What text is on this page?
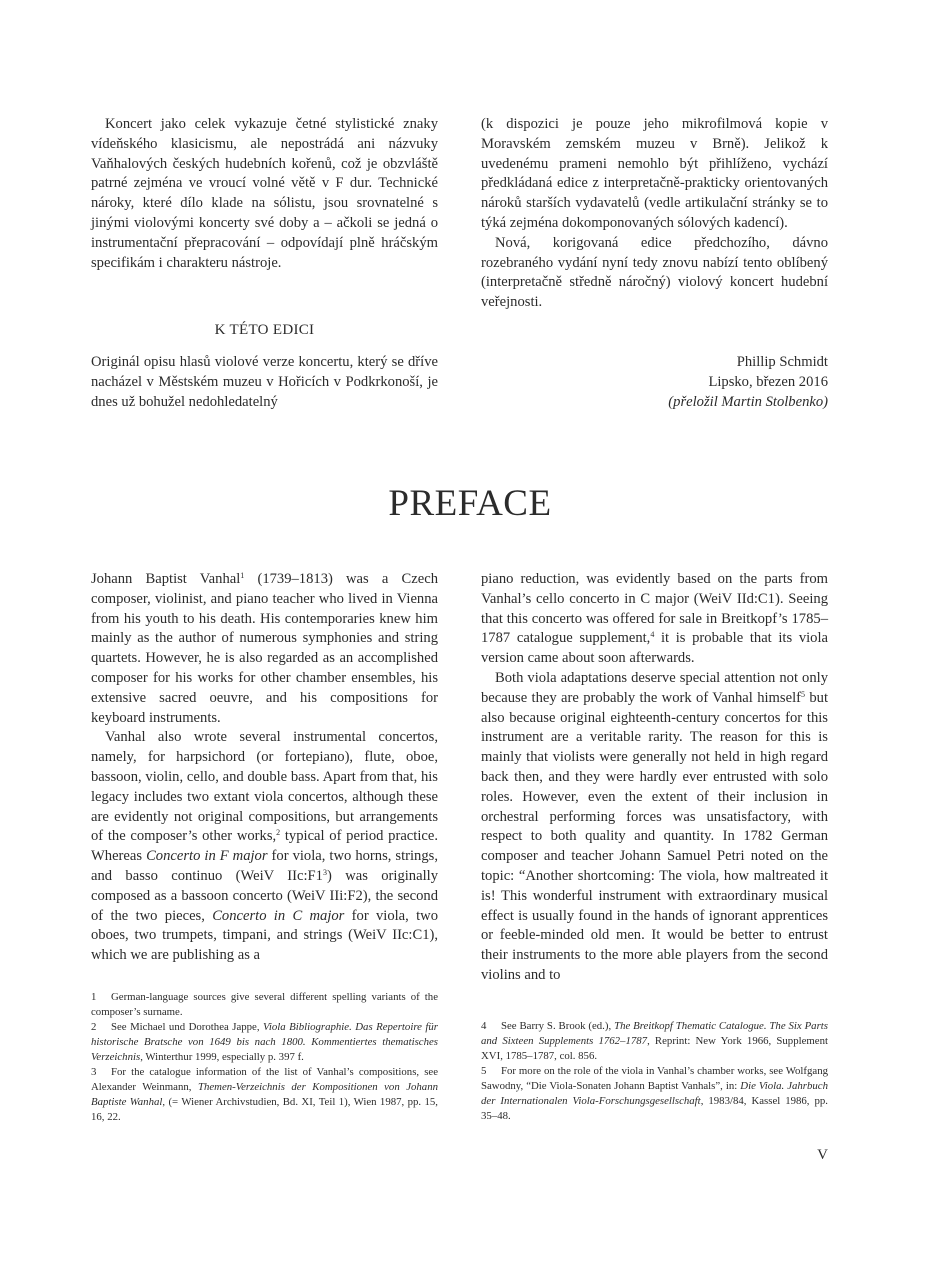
Koncert jako celek vykazuje četné stylistické znaky vídeňského klasicismu, ale nepostrádá ani názvuky Vaňhalových českých hudebních kořenů, což je obzvláště patrné zejména ve vroucí volné větě v F dur. Technické nároky, které dílo klade na sólistu, jsou srovnatelné s jinými violovými koncerty své doby a – ačkoli se jedná o instrumentační přepracování – odpovídají plně hráčským specifikám i charakteru nástroje.

K TÉTO EDICI

Originál opisu hlasů violové verze koncertu, který se dříve nacházel v Městském muzeu v Hořicích v Podkrkonoší, je dnes už bohužel nedohledatelný

(k dispozici je pouze jeho mikrofilmová kopie v Moravském zemském muzeu v Brně). Jelikož k uvedenému prameni nemohlo být přihlíženo, vychází předkládaná edice z interpretačně-prakticky orientovaných nároků starších vydavatelů (vedle artikulační stránky se to týká zejména dokomponovaných sólových kadencí).

Nová, korigovaná edice předchozího, dávno rozebraného vydání nyní tedy znovu nabízí tento oblíbený (interpretačně středně náročný) violový koncert hudební veřejnosti.

Phillip Schmidt
Lipsko, březen 2016
(přeložil Martin Stolbenko)
PREFACE

Johann Baptist Vanhal$^1$ (1739–1813) was a Czech composer, violinist, and piano teacher who lived in Vienna from his youth to his death. His contemporaries knew him mainly as the author of numerous symphonies and string quartets. However, he is also regarded as an accomplished composer for his works for other chamber ensembles, his extensive sacred oeuvre, and his compositions for keyboard instruments.

Vanhal also wrote several instrumental concertos, namely, for harpsichord (or fortepiano), flute, oboe, bassoon, violin, cello, and double bass. Apart from that, his legacy includes two extant viola concertos, although these are evidently not original compositions, but arrangements of the composer’s other works,$^2$ typical of period practice. Whereas Concerto in F major for viola, two horns, strings, and basso continuo (WeiV $IIc:F1^3$) was originally composed as a bassoon concerto (WeiV IIi:F2), the second of the two pieces, Concerto in C major for viola, two oboes, two trumpets, timpani, and strings (WeiV IIc:C1), which we are publishing as a

piano reduction, was evidently based on the parts from Vanhal’s cello concerto in C major (WeiV IId:C1). Seeing that this concerto was offered for sale in Breitkopf’s 1785–1787 catalogue supplement,$^4$ it is probable that its viola version came about soon afterwards.

Both viola adaptations deserve special attention not only because they are probably the work of Vanhal himself$^5$ but also because original eighteenth-century concertos for this instrument are a veritable rarity. The reason for this is mainly that violists were generally not held in high regard back then, and they were hardly ever entrusted with solo roles. However, even the extent of their inclusion in orchestral performing forces was unsatisfactory, with respect to both quality and quantity. In 1782 German composer and teacher Johann Samuel Petri noted on the topic: “Another shortcoming: The viola, how maltreated it is! This wonderful instrument with extraordinary musical effect is usually found in the hands of ignorant apprentices or feeble-minded old men. It would be better to entrust their instruments to the more able players from the second violins and to

1 German-language sources give several different spelling variants of the composer’s surname.

2 See Michael und Dorothea Jappe, Viola Bibliographie. Das Repertoire für historische Bratsche von 1649 bis nach 1800. Kommentiertes thematisches Verzeichnis, Winterthur 1999, especially p. 397 f.

3 For the catalogue information of the list of Vanhal’s compositions, see Alexander Weinmann, Themen-Verzeichnis der Kompositionen von Johann Baptiste Wanhal, (= Wiener Archivstudien, Bd. XI, Teil 1), Wien 1987, pp. 15, 16, 22.

4 See Barry S. Brook (ed.), The Breitkopf Thematic Catalogue. The Six Parts and Sixteen Supplements 1762–1787, Reprint: New York 1966, Supplement XVI, 1785–1787, col. 856.

5 For more on the role of the viola in Vanhal’s chamber works, see Wolfgang Sawodny, “Die Viola-Sonaten Johann Baptist Vanhals”, in: Die Viola. Jahrbuch der Internationalen Viola-Forschungsgesellschaft, 1983/84, Kassel 1986, pp. 35–48.

V
